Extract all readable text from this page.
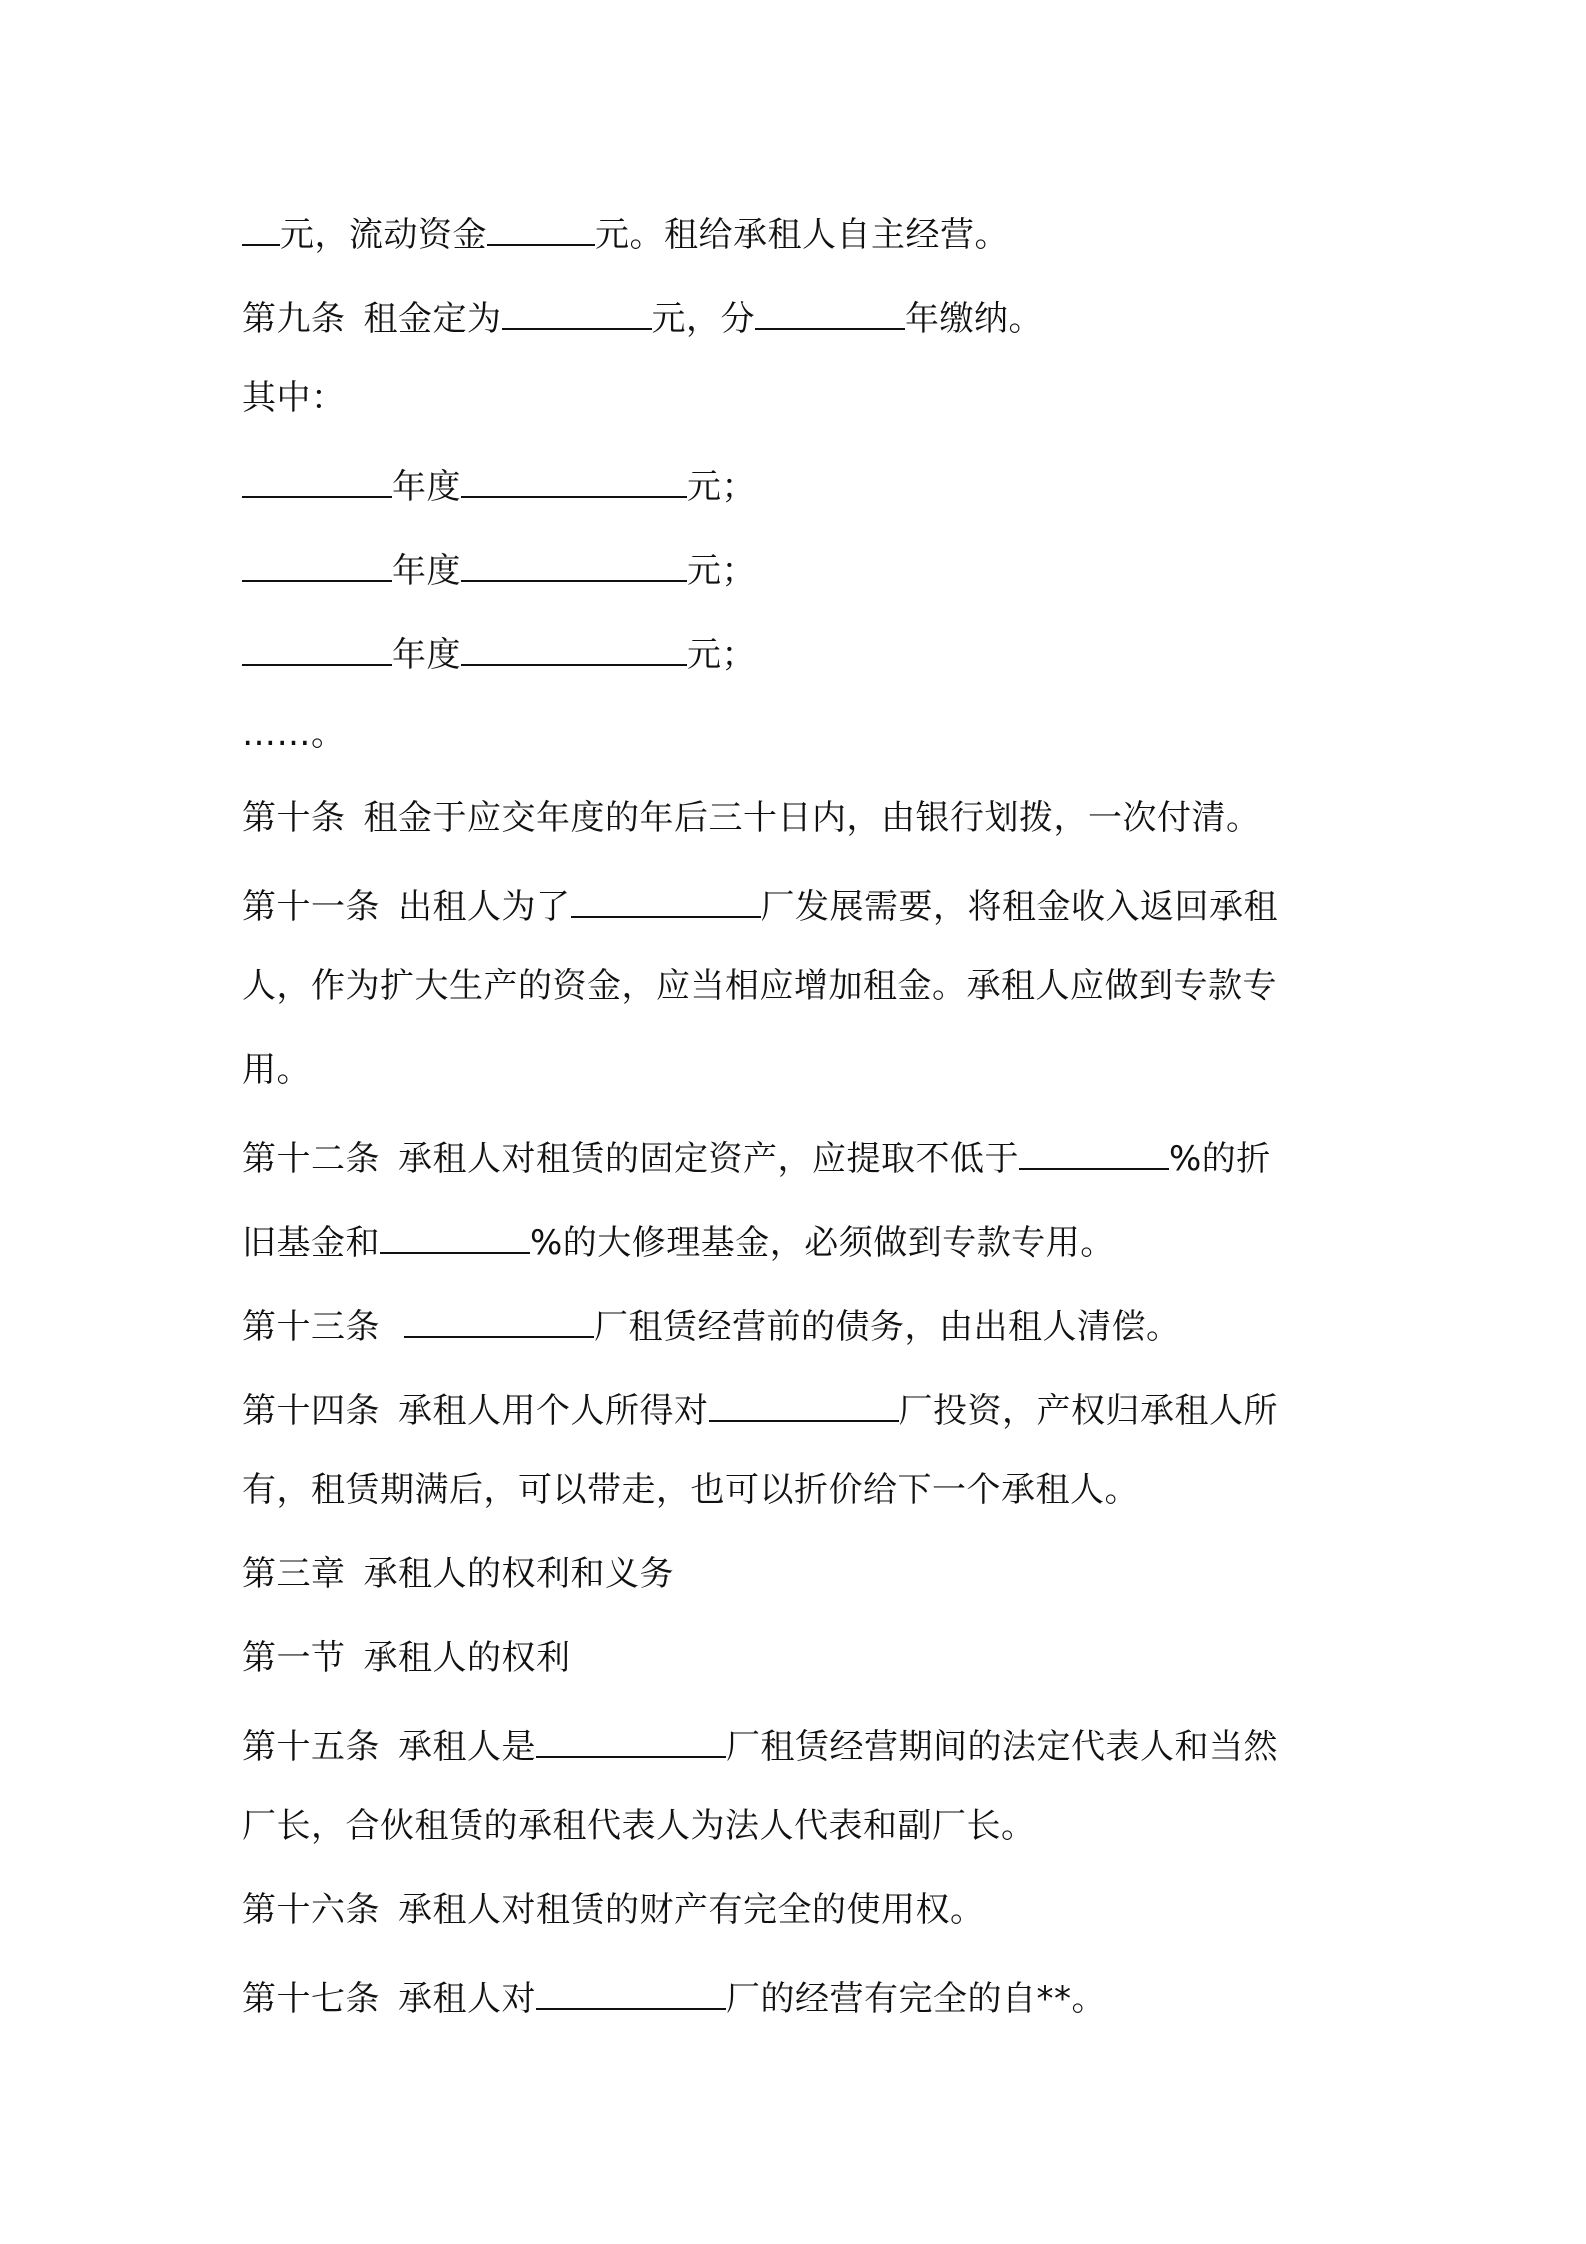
元，流动资金	元。租给承租人自主经营。
第九条 租金定为	元，分	年缴纳。
其中：
年度	元；
年度	元；
年度	元；
……。
第十条 租金于应交年度的年后三十日内，由银行划拨，一次付清。
第十一条 出租人为了	厂发展需要，将租金收入返回承租
人，作为扩大生产的资金，应当相应增加租金。承租人应做到专款专
用。
第十二条 承租人对租赁的固定资产，应提取不低于	%的折
旧基金和	%的大修理基金，必须做到专款专用。
第十三条	厂租赁经营前的债务，由出租人清偿。
第十四条 承租人用个人所得对	厂投资，产权归承租人所
有，租赁期满后，可以带走，也可以折价给下一个承租人。
第三章 承租人的权利和义务
第一节 承租人的权利
第十五条 承租人是	厂租赁经营期间的法定代表人和当然
厂长，合伙租赁的承租代表人为法人代表和副厂长。
第十六条 承租人对租赁的财产有完全的使用权。
第十七条 承租人对	厂的经营有完全的自**。
